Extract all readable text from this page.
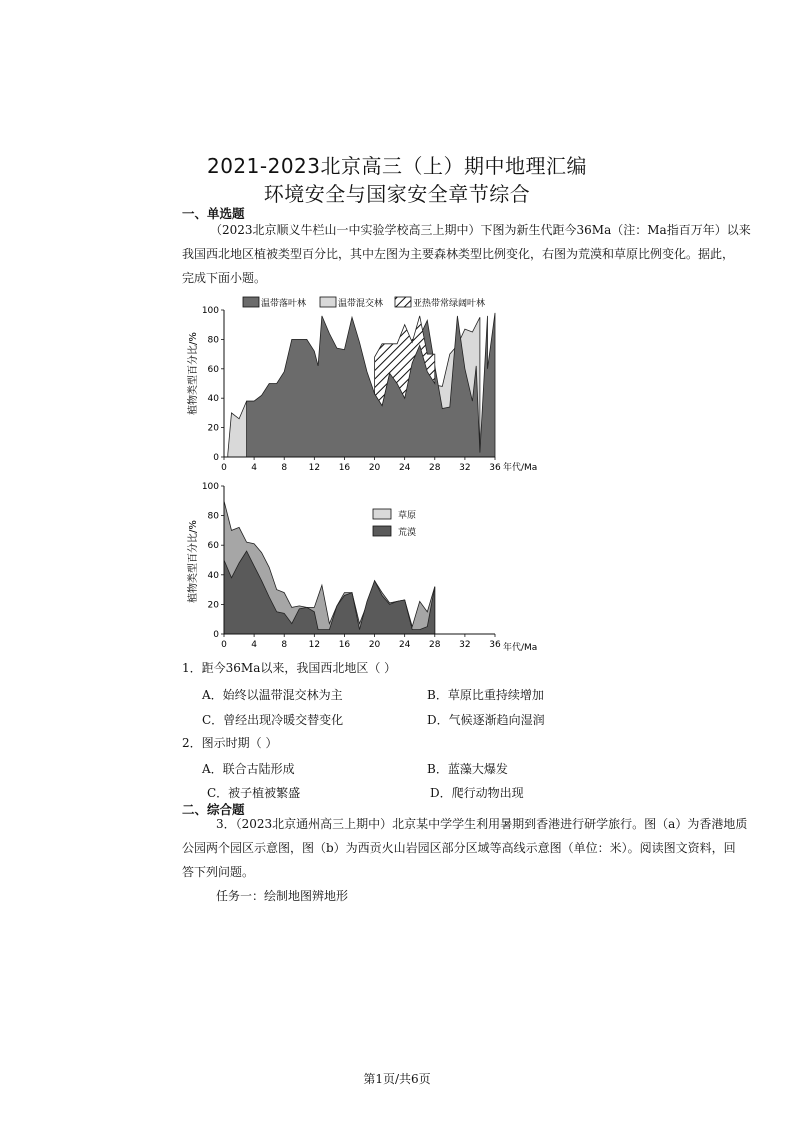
2021-2023北京高三（上）期中地理汇编
环境安全与国家安全章节综合
一、单选题
（2023北京顺义牛栏山一中实验学校高三上期中）下图为新生代距今36Ma（注：Ma指百万年）以来
我国西北地区植被类型百分比，其中左图为主要森林类型比例变化，右图为荒漠和草原比例变化。据此，
完成下面小题。
0	4	8 12 16 20 24 28 32 36
0
20
40
60
80
100
温带落叶林	温带混交林	亚热带常绿阔叶林
植物类型百分比/%
年代/Ma
0	4	8 12 16 20 24 28 32 36
0
20
40
60
80
100
草原
荒漠
植物类型百分比/%
年代/Ma
1．距今36Ma以来，我国西北地区（ ）
A．始终以温带混交林为主	B．草原比重持续增加
C．曾经出现冷暖交替变化	D．气候逐渐趋向湿润
2．图示时期（ ）
A．联合古陆形成	B．蓝藻大爆发
C．被子植被繁盛	D．爬行动物出现
二、综合题
3．（2023北京通州高三上期中）北京某中学学生利用暑期到香港进行研学旅行。图（a）为香港地质
公园两个园区示意图，图（b）为西贡火山岩园区部分区域等高线示意图（单位：米）。阅读图文资料，回
答下列问题。
任务一：绘制地图辨地形
第1页/共6页
